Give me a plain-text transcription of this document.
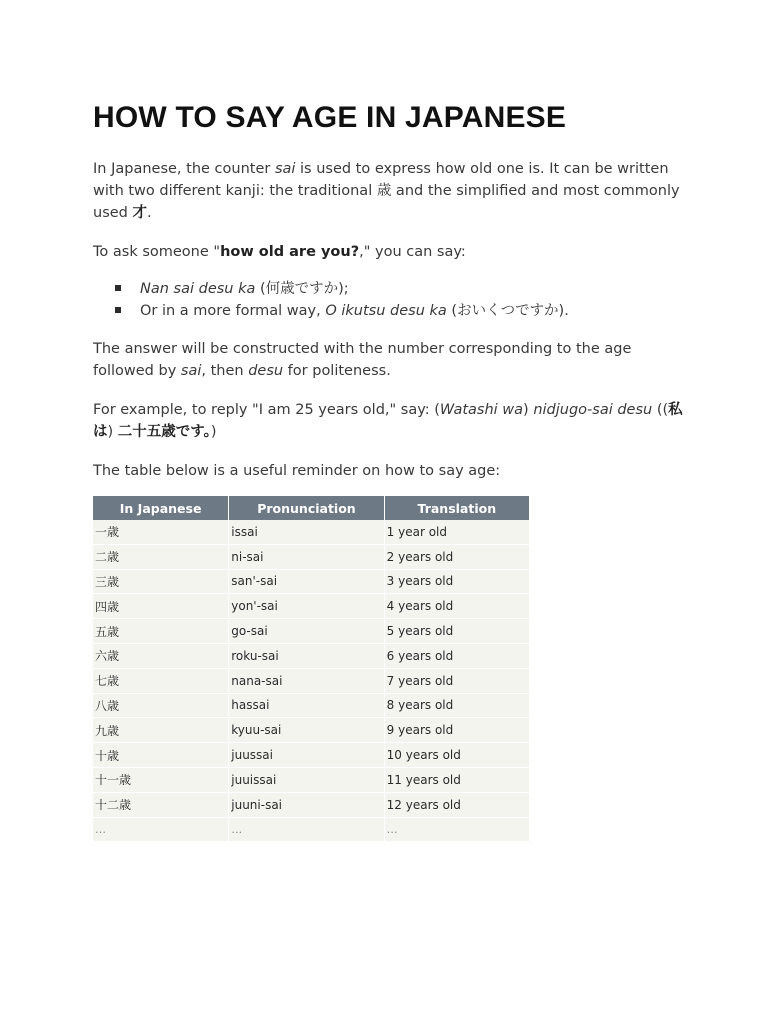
HOW TO SAY AGE IN JAPANESE

In Japanese, the counter sai is used to express how old one is. It can be written with two different kanji: the traditional 歳 and the simplified and most commonly used 才.

To ask someone "how old are you?," you can say:

Nan sai desu ka (何歳ですか);
Or in a more formal way, O ikutsu desu ka (おいくつですか).

The answer will be constructed with the number corresponding to the age followed by sai, then desu for politeness.

For example, to reply "I am 25 years old," say: (Watashi wa) nidjugo-sai desu ((私は) 二十五歳です。)

The table below is a useful reminder on how to say age:

In Japanese	Pronunciation	Translation
一歳	issai	1 year old
二歳	ni-sai	2 years old
三歳	san'-sai	3 years old
四歳	yon'-sai	4 years old
五歳	go-sai	5 years old
六歳	roku-sai	6 years old
七歳	nana-sai	7 years old
八歳	hassai	8 years old
九歳	kyuu-sai	9 years old
十歳	juussai	10 years old
十一歳	juuissai	11 years old
十二歳	juuni-sai	12 years old
…	…	…
